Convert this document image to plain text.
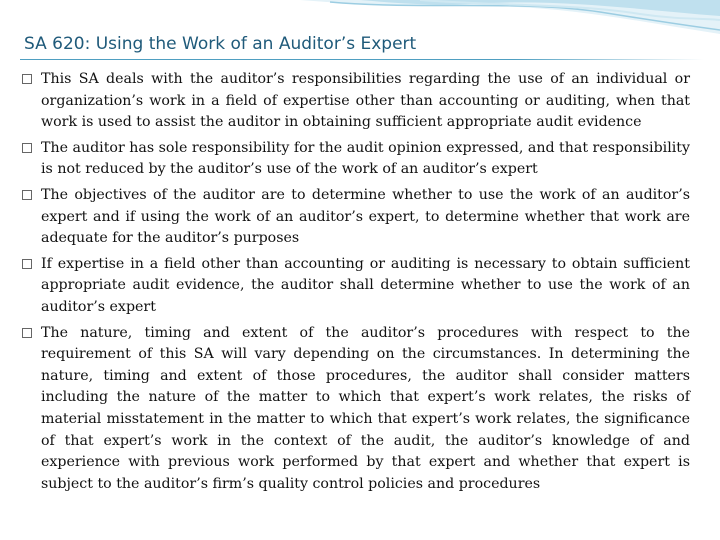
SA 620: Using the Work of an Auditor’s Expert
This SA deals with the auditor’s responsibilities regarding the use of an individual or organization’s work in a field of expertise other than accounting or auditing, when that work is used to assist the auditor in obtaining sufficient appropriate audit evidence
The auditor has sole responsibility for the audit opinion expressed, and that responsibility is not reduced by the auditor’s use of the work of an auditor’s expert
The objectives of the auditor are to determine whether to use the work of an auditor’s expert and if using the work of an auditor’s expert, to determine whether that work are adequate for the auditor’s purposes
If expertise in a field other than accounting or auditing is necessary to obtain sufficient appropriate audit evidence, the auditor shall determine whether to use the work of an auditor’s expert
The nature, timing and extent of the auditor’s procedures with respect to the requirement of this SA will vary depending on the circumstances. In determining the nature, timing and extent of those procedures, the auditor shall consider matters including the nature of the matter to which that expert’s work relates, the risks of material misstatement in the matter to which that expert’s work relates, the significance of that expert’s work in the context of the audit, the auditor’s knowledge of and experience with previous work performed by that expert and whether that expert is subject to the auditor’s firm’s quality control policies and procedures
